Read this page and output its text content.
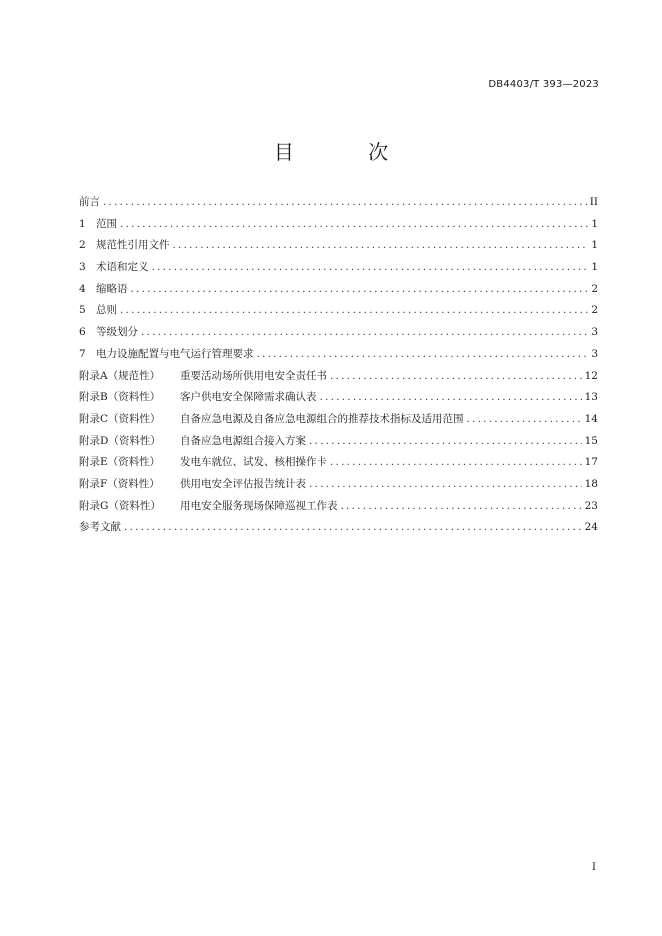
DB4403/T 393—2023
目 次
前言 .....	II
1 范围 .....	1
2 规范性引用文件 .....	1
3 术语和定义 .....	1
4 缩略语 .....	2
5 总则 .....	2
6 等级划分 .....	3
7 电力设施配置与电气运行管理要求 .....	3
附录A（规范性）	重要活动场所供用电安全责任书 .....	12
附录B（资料性）	客户供电安全保障需求确认表 .....	13
附录C（资料性）	自备应急电源及自备应急电源组合的推荐技术指标及适用范围 .....	14
附录D（资料性）	自备应急电源组合接入方案 .....	15
附录E（资料性）	发电车就位、试发、核相操作卡 .....	17
附录F（资料性）	供用电安全评估报告统计表 .....	18
附录G（资料性）	用电安全服务现场保障巡视工作表 .....	23
参考文献 .....	24
I
